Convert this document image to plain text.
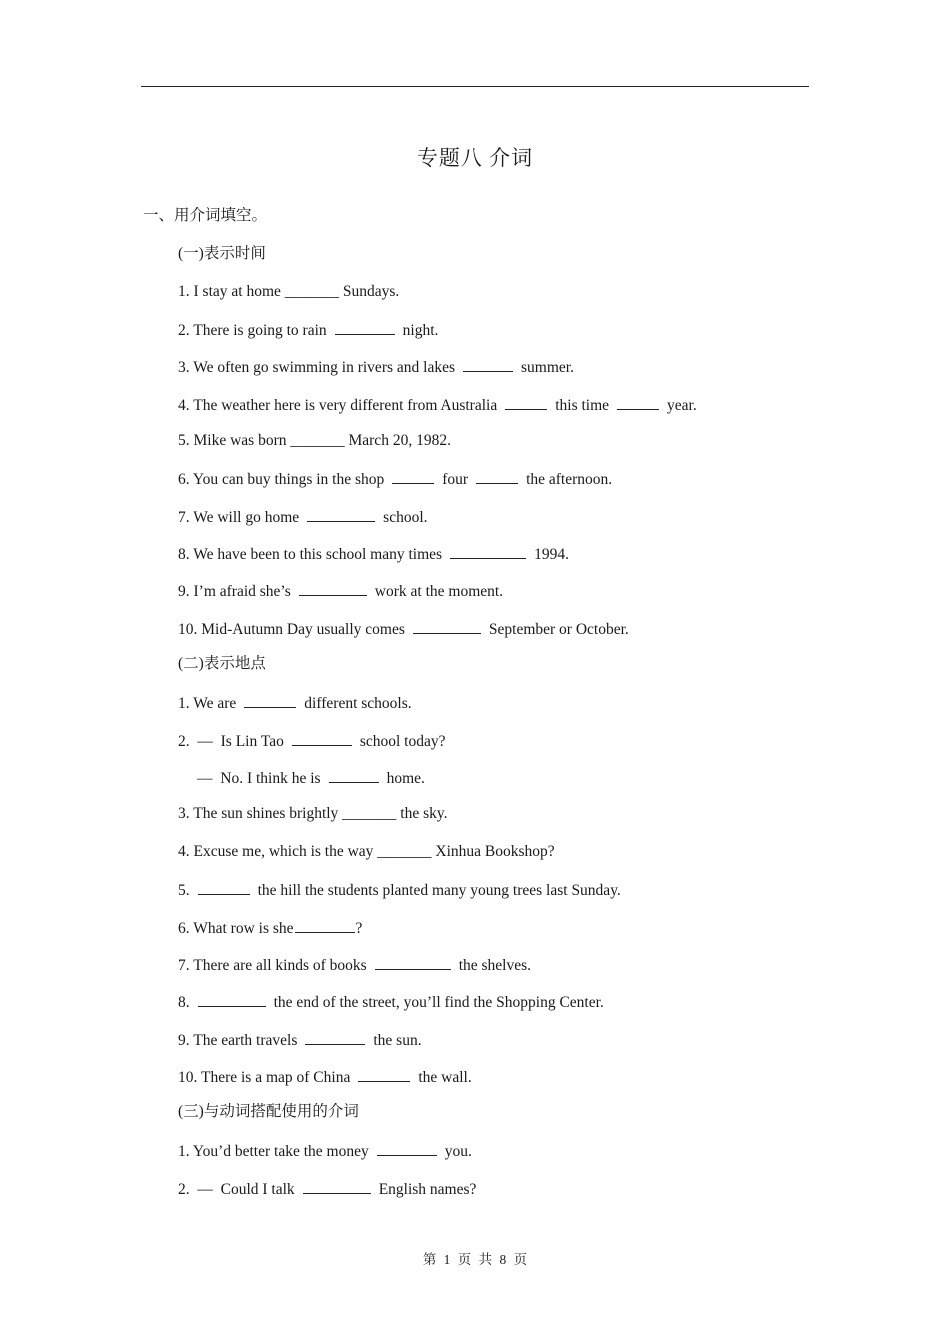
专题八 介词
一、用介词填空。
(一)表示时间
1. I stay at home _______ Sundays.
2. There is going to rain	night.
3. We often go swimming in rivers and lakes	summer.
4. The weather here is very different from Australia	this time	year.
5. Mike was born _______ March 20, 1982.
6. You can buy things in the shop	four	the afternoon.
7. We will go home	school.
8. We have been to this school many times	1994.
9. I’m afraid she’s	work at the moment.
10. Mid-Autumn Day usually comes	September or October.
(二)表示地点
1. We are	different schools.
2.  —  Is Lin Tao	school today?
—  No. I think he is	home.
3. The sun shines brightly _______ the sky.
4. Excuse me, which is the way _______ Xinhua Bookshop?
5.	the hill the students planted many young trees last Sunday.
6. What row is she	?
7. There are all kinds of books	the shelves.
8.	the end of the street, you’ll find the Shopping Center.
9. The earth travels	the sun.
10. There is a map of China	the wall.
(三)与动词搭配使用的介词
1. You’d better take the money	you.
2.  —  Could I talk	English names?
第 1 页 共 8 页
